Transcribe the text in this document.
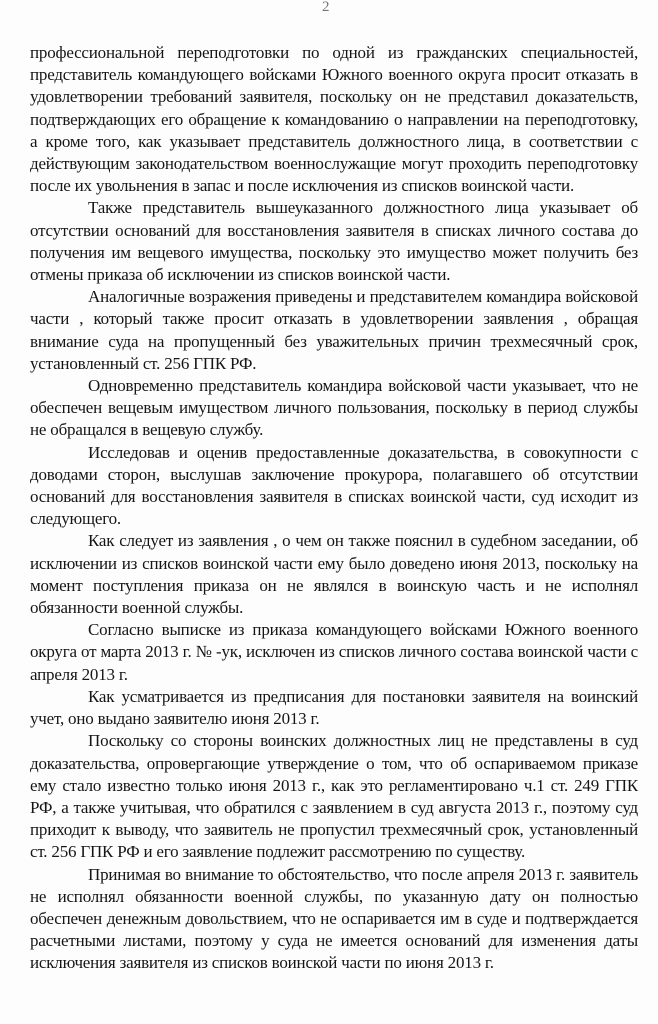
2

профессиональной переподготовки по одной из гражданских специальностей, представитель командующего войсками Южного военного округа просит отказать в удовлетворении требований заявителя, поскольку он не представил доказательств, подтверждающих его обращение к командованию о направлении на переподготовку, а кроме того, как указывает представитель должностного лица, в соответствии с действующим законодательством военнослужащие могут проходить переподготовку после их увольнения в запас и после исключения из списков воинской части.

Также представитель вышеуказанного должностного лица указывает об отсутствии оснований для восстановления заявителя в списках личного состава до получения им вещевого имущества, поскольку это имущество может получить без отмены приказа об исключении из списков воинской части.

Аналогичные возражения приведены и представителем командира войсковой части , который также просит отказать в удовлетворении заявления , обращая внимание суда на пропущенный без уважительных причин трехмесячный срок, установленный ст. 256 ГПК РФ.

Одновременно представитель командира войсковой части указывает, что не обеспечен вещевым имуществом личного пользования, поскольку в период службы не обращался в вещевую службу.

Исследовав и оценив предоставленные доказательства, в совокупности с доводами сторон, выслушав заключение прокурора, полагавшего об отсутствии оснований для восстановления заявителя в списках воинской части, суд исходит из следующего.

Как следует из заявления , о чем он также пояснил в судебном заседании, об исключении из списков воинской части ему было доведено июня 2013, поскольку на момент поступления приказа он не являлся в воинскую часть и не исполнял обязанности военной службы.

Согласно выписке из приказа командующего войсками Южного военного округа от марта 2013 г. № -ук, исключен из списков личного состава воинской части с апреля 2013 г.

Как усматривается из предписания для постановки заявителя на воинский учет, оно выдано заявителю июня 2013 г.

Поскольку со стороны воинских должностных лиц не представлены в суд доказательства, опровергающие утверждение о том, что об оспариваемом приказе ему стало известно только июня 2013 г., как это регламентировано ч.1 ст. 249 ГПК РФ, а также учитывая, что обратился с заявлением в суд августа 2013 г., поэтому суд приходит к выводу, что заявитель не пропустил трехмесячный срок, установленный ст. 256 ГПК РФ и его заявление подлежит рассмотрению по существу.

Принимая во внимание то обстоятельство, что после апреля 2013 г. заявитель не исполнял обязанности военной службы, по указанную дату он полностью обеспечен денежным довольствием, что не оспаривается им в суде и подтверждается расчетными листами, поэтому у суда не имеется оснований для изменения даты исключения заявителя из списков воинской части по июня 2013 г.
